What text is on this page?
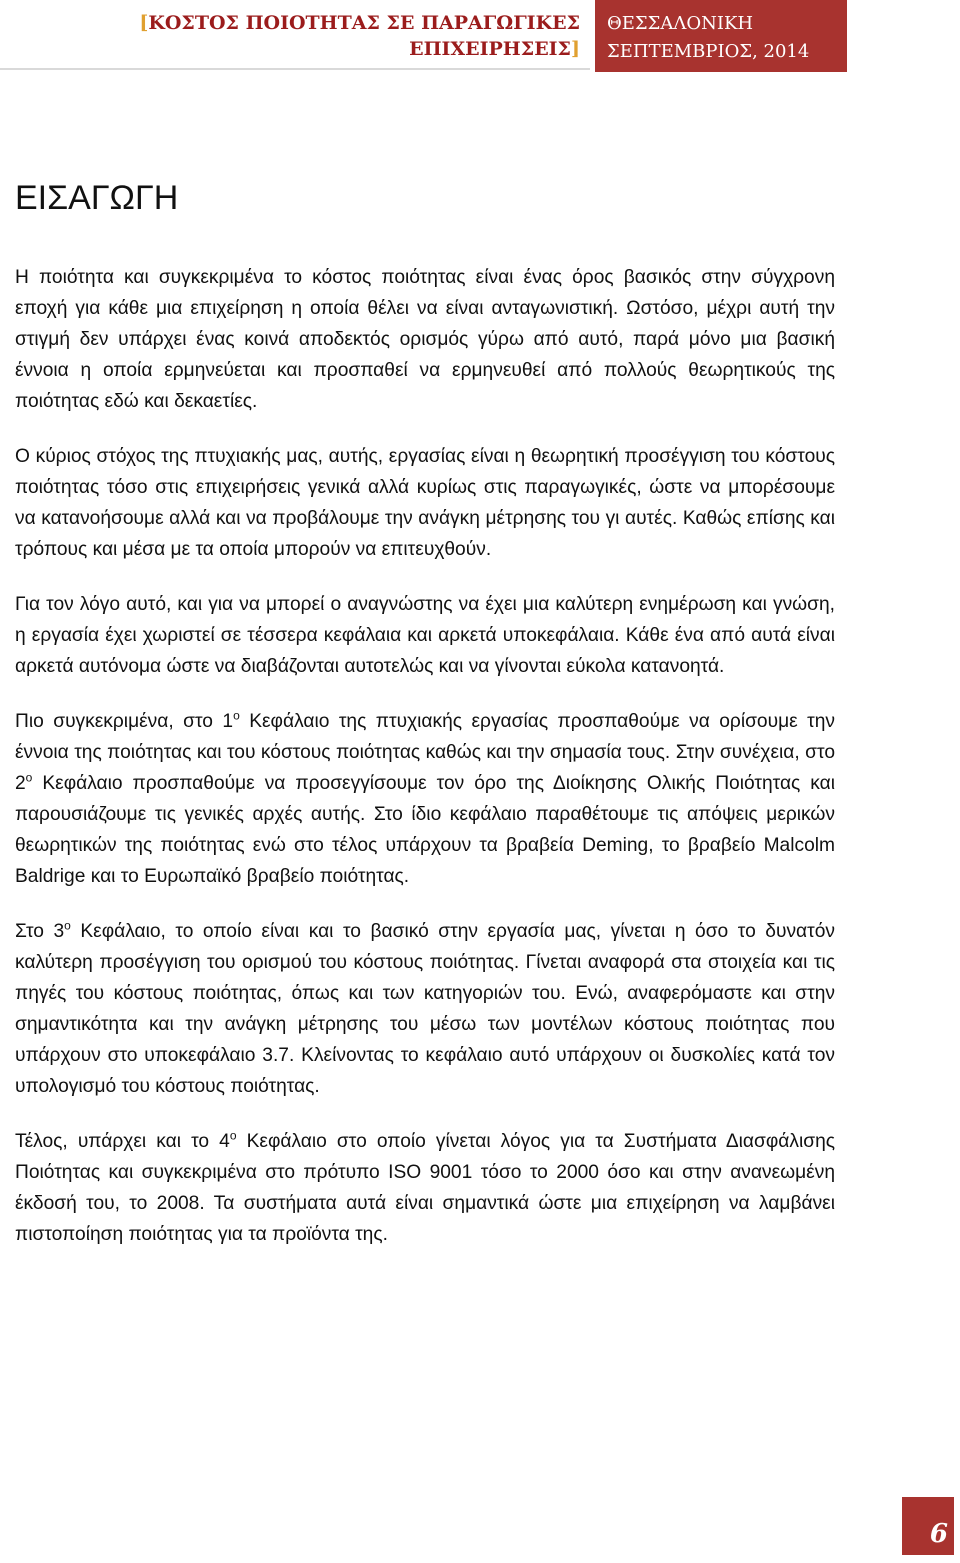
[ΚΟΣΤΟΣ ΠΟΙΟΤΗΤΑΣ ΣΕ ΠΑΡΑΓΩΓΙΚΕΣ
ΕΠΙΧΕΙΡΗΣΕΙΣ]
ΘΕΣΣΑΛΟΝΙΚΗ
ΣΕΠΤΕΜΒΡΙΟΣ, 2014
ΕΙΣΑΓΩΓΗ

Η ποιότητα και συγκεκριμένα το κόστος ποιότητας είναι ένας όρος βασικός στην σύγχρονη εποχή για κάθε μια επιχείρηση η οποία θέλει να είναι ανταγωνιστική. Ωστόσο, μέχρι αυτή την στιγμή δεν υπάρχει ένας κοινά αποδεκτός ορισμός γύρω από αυτό, παρά μόνο μια βασική έννοια η οποία ερμηνεύεται και προσπαθεί να ερμηνευθεί από πολλούς θεωρητικούς της ποιότητας εδώ και δεκαετίες.

Ο κύριος στόχος της πτυχιακής μας, αυτής, εργασίας είναι η θεωρητική προσέγγιση του κόστους ποιότητας τόσο στις επιχειρήσεις γενικά αλλά κυρίως στις παραγωγικές, ώστε να μπορέσουμε να κατανοήσουμε αλλά και να προβάλουμε την ανάγκη μέτρησης του γι αυτές. Καθώς επίσης και τρόπους και μέσα με τα οποία μπορούν να επιτευχθούν.

Για τον λόγο αυτό, και για να μπορεί ο αναγνώστης να έχει μια καλύτερη ενημέρωση και γνώση, η εργασία έχει χωριστεί σε τέσσερα κεφάλαια και αρκετά υποκεφάλαια. Κάθε ένα από αυτά είναι αρκετά αυτόνομα ώστε να διαβάζονται αυτοτελώς και να γίνονται εύκολα κατανοητά.

Πιο συγκεκριμένα, στο $1^o$ Κεφάλαιο της πτυχιακής εργασίας προσπαθούμε να ορίσουμε την έννοια της ποιότητας και του κόστους ποιότητας καθώς και την σημασία τους. Στην συνέχεια, στο $2^o$ Κεφάλαιο προσπαθούμε να προσεγγίσουμε τον όρο της Διοίκησης Ολικής Ποιότητας και παρουσιάζουμε τις γενικές αρχές αυτής. Στο ίδιο κεφάλαιο παραθέτουμε τις απόψεις μερικών θεωρητικών της ποιότητας ενώ στο τέλος υπάρχουν τα βραβεία Deming, το βραβείο Malcolm Baldrige και το Ευρωπαϊκό βραβείο ποιότητας.

Στο $3^o$ Κεφάλαιο, το οποίο είναι και το βασικό στην εργασία μας, γίνεται η όσο το δυνατόν καλύτερη προσέγγιση του ορισμού του κόστους ποιότητας. Γίνεται αναφορά στα στοιχεία και τις πηγές του κόστους ποιότητας, όπως και των κατηγοριών του. Ενώ, αναφερόμαστε και στην σημαντικότητα και την ανάγκη μέτρησης του μέσω των μοντέλων κόστους ποιότητας που υπάρχουν στο υποκεφάλαιο 3.7. Κλείνοντας το κεφάλαιο αυτό υπάρχουν οι δυσκολίες κατά τον υπολογισμό του κόστους ποιότητας.

Τέλος, υπάρχει και το $4^o$ Κεφάλαιο στο οποίο γίνεται λόγος για τα Συστήματα Διασφάλισης Ποιότητας και συγκεκριμένα στο πρότυπο ISO 9001 τόσο το 2000 όσο και στην ανανεωμένη έκδοσή του, το 2008. Τα συστήματα αυτά είναι σημαντικά ώστε μια επιχείρηση να λαμβάνει πιστοποίηση ποιότητας για τα προϊόντα της.

6
